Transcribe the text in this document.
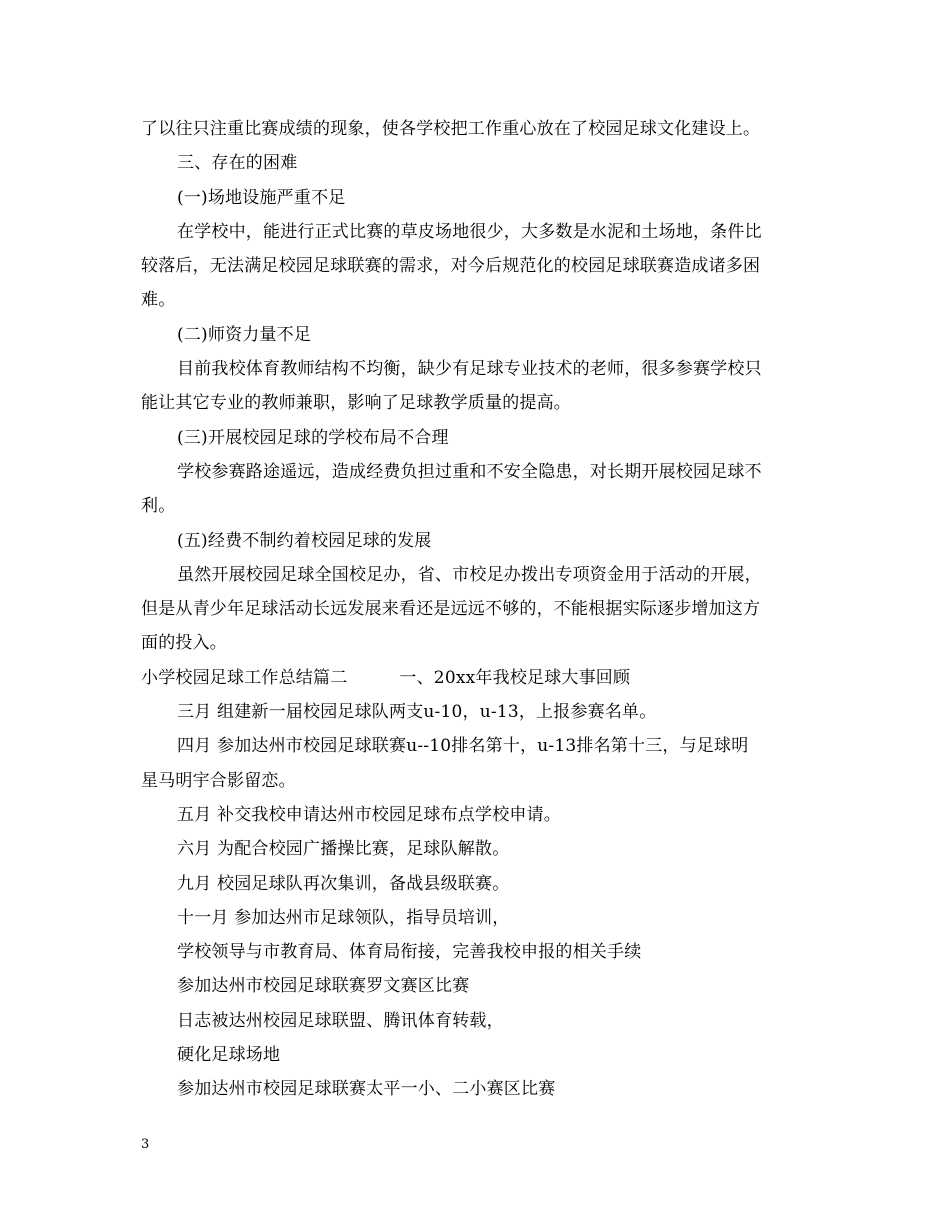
了以往只注重比赛成绩的现象，使各学校把工作重心放在了校园足球文化建设上。
三、存在的困难
(一)场地设施严重不足
在学校中，能进行正式比赛的草皮场地很少，大多数是水泥和土场地，条件比
较落后，无法满足校园足球联赛的需求，对今后规范化的校园足球联赛造成诸多困
难。
(二)师资力量不足
目前我校体育教师结构不均衡，缺少有足球专业技术的老师，很多参赛学校只
能让其它专业的教师兼职，影响了足球教学质量的提高。
(三)开展校园足球的学校布局不合理
学校参赛路途遥远，造成经费负担过重和不安全隐患，对长期开展校园足球不
利。
(五)经费不制约着校园足球的发展
虽然开展校园足球全国校足办，省、市校足办拨出专项资金用于活动的开展，
但是从青少年足球活动长远发展来看还是远远不够的，不能根据实际逐步增加这方
面的投入。
小学校园足球工作总结篇二	一、20xx年我校足球大事回顾
三月 组建新一届校园足球队两支u-10，u-13，上报参赛名单。
四月 参加达州市校园足球联赛u--10排名第十，u-13排名第十三，与足球明
星马明宇合影留恋。
五月 补交我校申请达州市校园足球布点学校申请。
六月 为配合校园广播操比赛，足球队解散。
九月 校园足球队再次集训，备战县级联赛。
十一月 参加达州市足球领队，指导员培训，
学校领导与市教育局、体育局衔接，完善我校申报的相关手续
参加达州市校园足球联赛罗文赛区比赛
日志被达州校园足球联盟、腾讯体育转载，
硬化足球场地
参加达州市校园足球联赛太平一小、二小赛区比赛
3
